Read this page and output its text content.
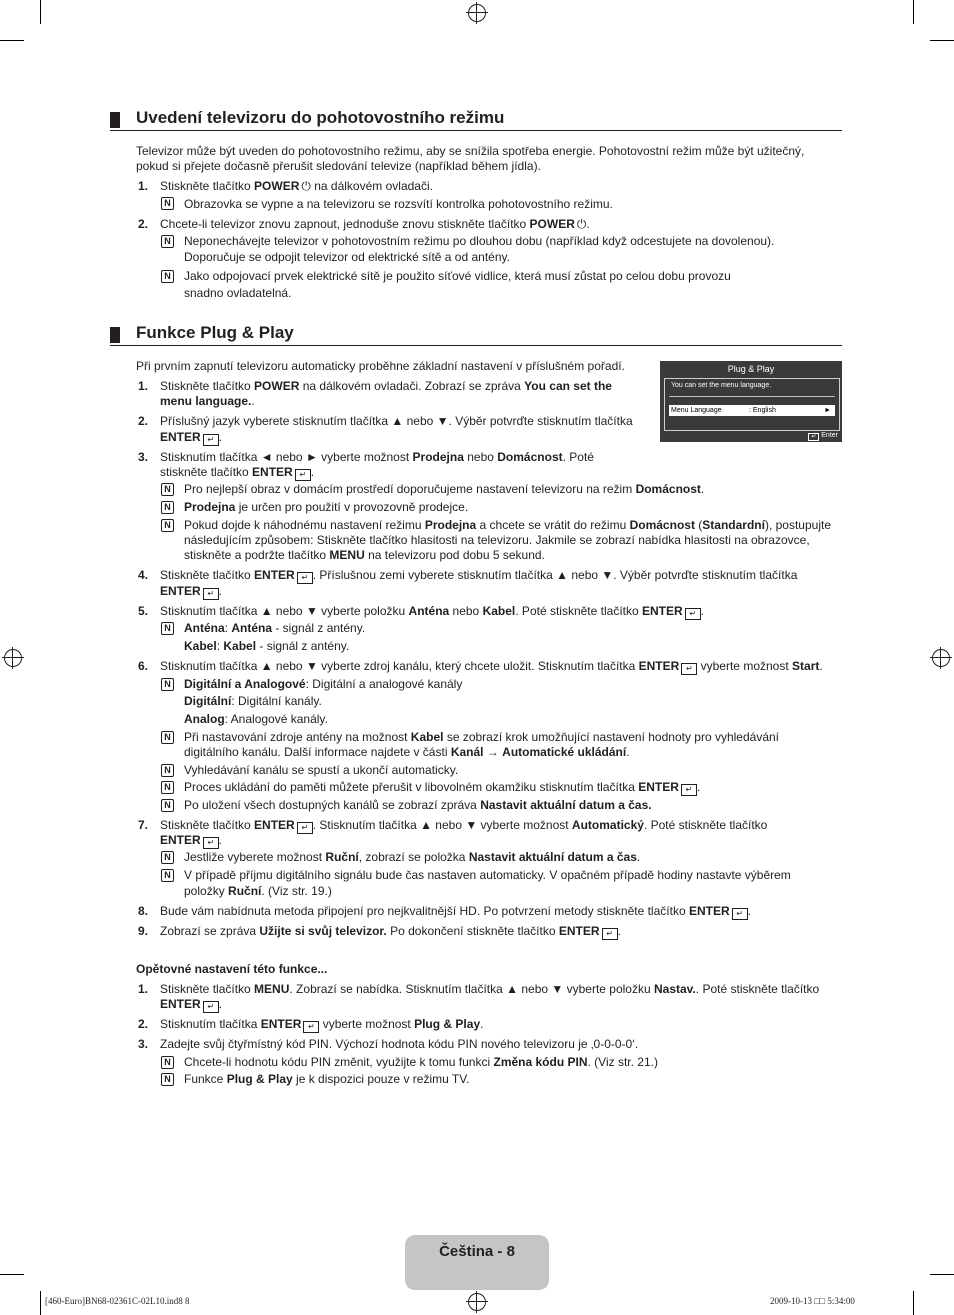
Uvedení televizoru do pohotovostního režimu
Televizor může být uveden do pohotovostního režimu, aby se snížila spotřeba energie. Pohotovostní režim může být užitečný,
pokud si přejete dočasně přerušit sledování televize (například během jídla).
1. Stiskněte tlačítko POWER ⏻ na dálkovém ovladači.
N Obrazovka se vypne a na televizoru se rozsvítí kontrolka pohotovostního režimu.
2. Chcete-li televizor znovu zapnout, jednoduše znovu stiskněte tlačítko POWER ⏻.
N Neponechávejte televizor v pohotovostním režimu po dlouhou dobu (například když odcestujete na dovolenou).
Doporučuje se odpojit televizor od elektrické sítě a od antény.
N Jako odpojovací prvek elektrické sítě je použito síťové vidlice, která musí zůstat po celou dobu provozu
snadno ovladatelná.
Funkce Plug & Play
Při prvním zapnutí televizoru automaticky proběhne základní nastavení v příslušném pořadí.	Plug & Play
You can set the menu language.
Menu Language	: English	►
↵ Enter
1. Stiskněte tlačítko POWER na dálkovém ovladači. Zobrazí se zpráva You can set the
menu language..
2. Příslušný jazyk vyberete stisknutím tlačítka ▲ nebo ▼. Výběr potvrďte stisknutím tlačítka
ENTER ↵ .
3. Stisknutím tlačítka ◄ nebo ► vyberte možnost Prodejna nebo Domácnost. Poté
stiskněte tlačítko ENTER ↵ .
N Pro nejlepší obraz v domácím prostředí doporučujeme nastavení televizoru na režim Domácnost.
N Prodejna je určen pro použití v provozovně prodejce.
N Pokud dojde k náhodnému nastavení režimu Prodejna a chcete se vrátit do režimu Domácnost (Standardní), postupujte
následujícím způsobem: Stiskněte tlačítko hlasitosti na televizoru. Jakmile se zobrazí nabídka hlasitosti na obrazovce,
stiskněte a podržte tlačítko MENU na televizoru pod dobu 5 sekund.
4. Stiskněte tlačítko ENTER ↵ . Příslušnou zemi vyberete stisknutím tlačítka ▲ nebo ▼. Výběr potvrďte stisknutím tlačítka
ENTER ↵ .
5. Stisknutím tlačítka ▲ nebo ▼ vyberte položku Anténa nebo Kabel. Poté stiskněte tlačítko ENTER ↵ .
N Anténa: Anténa - signál z antény.
Kabel: Kabel - signál z antény.
6. Stisknutím tlačítka ▲ nebo ▼ vyberte zdroj kanálu, který chcete uložit. Stisknutím tlačítka ENTER ↵ vyberte možnost Start.
N Digitální a Analogové: Digitální a analogové kanály
Digitální: Digitální kanály.
Analog: Analogové kanály.
N Při nastavování zdroje antény na možnost Kabel se zobrazí krok umožňující nastavení hodnoty pro vyhledávání
digitálního kanálu. Další informace najdete v části Kanál → Automatické ukládání.
N Vyhledávání kanálu se spustí a ukončí automaticky.
N Proces ukládání do paměti můžete přerušit v libovolném okamžiku stisknutím tlačítka ENTER ↵ .
N Po uložení všech dostupných kanálů se zobrazí zpráva Nastavit aktuální datum a čas.
7. Stiskněte tlačítko ENTER ↵ . Stisknutím tlačítka ▲ nebo ▼ vyberte možnost Automatický. Poté stiskněte tlačítko
ENTER ↵ .
N Jestliže vyberete možnost Ruční, zobrazí se položka Nastavit aktuální datum a čas.
N V případě příjmu digitálního signálu bude čas nastaven automaticky. V opačném případě hodiny nastavte výběrem
položky Ruční. (Viz str. 19.)
8. Bude vám nabídnuta metoda připojení pro nejkvalitnější HD. Po potvrzení metody stiskněte tlačítko ENTER ↵ .
9. Zobrazí se zpráva Užijte si svůj televizor. Po dokončení stiskněte tlačítko ENTER ↵ .
Opětovné nastavení této funkce...
1. Stiskněte tlačítko MENU. Zobrazí se nabídka. Stisknutím tlačítka ▲ nebo ▼ vyberte položku Nastav.. Poté stiskněte tlačítko
ENTER ↵ .
2. Stisknutím tlačítka ENTER ↵ vyberte možnost Plug & Play.
3. Zadejte svůj čtyřmístný kód PIN. Výchozí hodnota kódu PIN nového televizoru je ‚0-0-0-0‘.
N Chcete-li hodnotu kódu PIN změnit, využijte k tomu funkci Změna kódu PIN. (Viz str. 21.)
N Funkce Plug & Play je k dispozici pouze v režimu TV.
Čeština - 8
[460-Euro]BN68-02361C-02L10.ind8 8	2009-10-13 □□ 5:34:00
